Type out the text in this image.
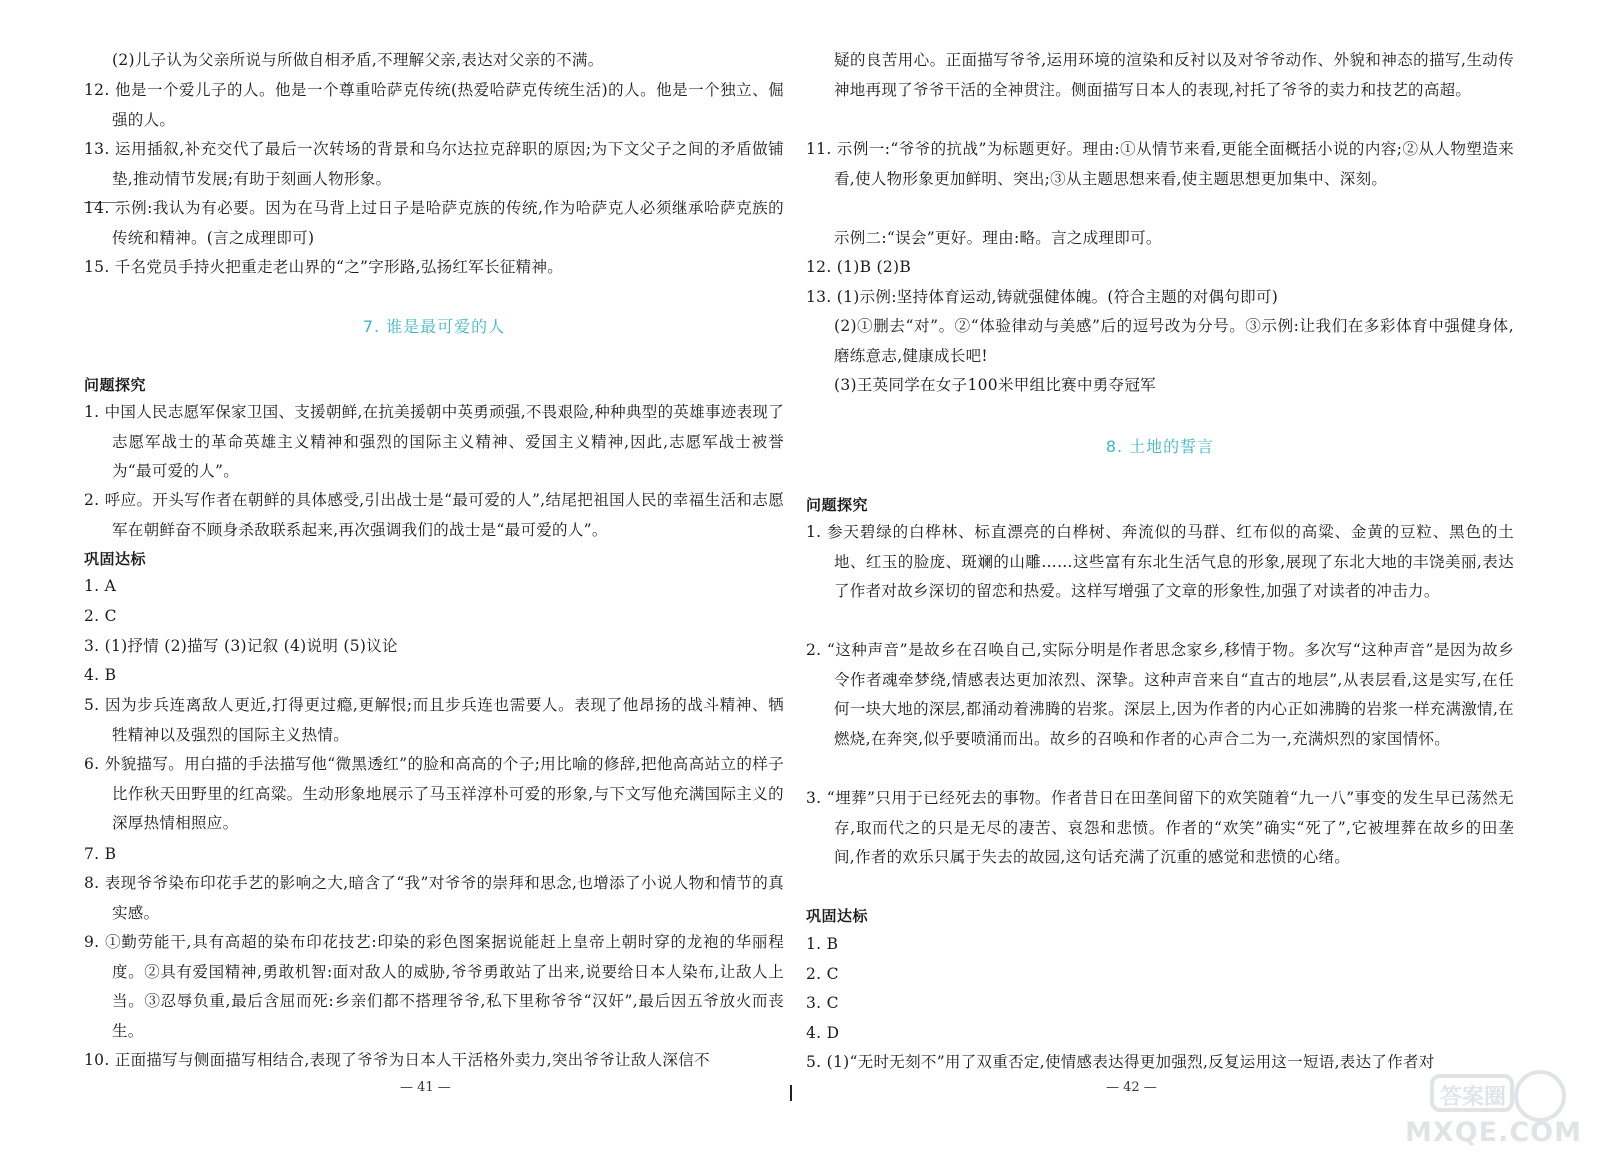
(2)儿子认为父亲所说与所做自相矛盾,不理解父亲,表达对父亲的不满。

12. 他是一个爱儿子的人。他是一个尊重哈萨克传统(热爱哈萨克传统生活)的人。他是一个独立、倔强的人。

13. 运用插叙,补充交代了最后一次转场的背景和乌尔达拉克辞职的原因;为下文父子之间的矛盾做铺垫,推动情节发展;有助于刻画人物形象。

14. 示例:我认为有必要。因为在马背上过日子是哈萨克族的传统,作为哈萨克人必须继承哈萨克族的传统和精神。(言之成理即可)

15. 千名党员手持火把重走老山界的“之”字形路,弘扬红军长征精神。

7. 谁是最可爱的人
问题探究

1. 中国人民志愿军保家卫国、支援朝鲜,在抗美援朝中英勇顽强,不畏艰险,种种典型的英雄事迹表现了志愿军战士的革命英雄主义精神和强烈的国际主义精神、爱国主义精神,因此,志愿军战士被誉为“最可爱的人”。

2. 呼应。开头写作者在朝鲜的具体感受,引出战士是“最可爱的人”,结尾把祖国人民的幸福生活和志愿军在朝鲜奋不顾身杀敌联系起来,再次强调我们的战士是“最可爱的人”。

巩固达标

1. A

2. C

3. (1)抒情 (2)描写 (3)记叙 (4)说明 (5)议论

4. B

5. 因为步兵连离敌人更近,打得更过瘾,更解恨;而且步兵连也需要人。表现了他昂扬的战斗精神、牺牲精神以及强烈的国际主义热情。

6. 外貌描写。用白描的手法描写他“微黑透红”的脸和高高的个子;用比喻的修辞,把他高高站立的样子比作秋天田野里的红高粱。生动形象地展示了马玉祥淳朴可爱的形象,与下文写他充满国际主义的深厚热情相照应。

7. B

8. 表现爷爷染布印花手艺的影响之大,暗含了“我”对爷爷的崇拜和思念,也增添了小说人物和情节的真实感。

9. ①勤劳能干,具有高超的染布印花技艺:印染的彩色图案据说能赶上皇帝上朝时穿的龙袍的华丽程度。②具有爱国精神,勇敢机智:面对敌人的威胁,爷爷勇敢站了出来,说要给日本人染布,让敌人上当。③忍辱负重,最后含屈而死:乡亲们都不搭理爷爷,私下里称爷爷“汉奸”,最后因五爷放火而丧生。

10. 正面描写与侧面描写相结合,表现了爷爷为日本人干活格外卖力,突出爷爷让敌人深信不

— 41 —

疑的良苦用心。正面描写爷爷,运用环境的渲染和反衬以及对爷爷动作、外貌和神态的描写,生动传神地再现了爷爷干活的全神贯注。侧面描写日本人的表现,衬托了爷爷的卖力和技艺的高超。

11. 示例一:“爷爷的抗战”为标题更好。理由:①从情节来看,更能全面概括小说的内容;②从人物塑造来看,使人物形象更加鲜明、突出;③从主题思想来看,使主题思想更加集中、深刻。

示例二:“误会”更好。理由:略。言之成理即可。

12. (1)B (2)B

13. (1)示例:坚持体育运动,铸就强健体魄。(符合主题的对偶句即可)

(2)①删去“对”。②“体验律动与美感”后的逗号改为分号。③示例:让我们在多彩体育中强健身体,磨练意志,健康成长吧!

(3)王英同学在女子100米甲组比赛中勇夺冠军

8. 土地的誓言
问题探究

1. 参天碧绿的白桦林、标直漂亮的白桦树、奔流似的马群、红布似的高粱、金黄的豆粒、黑色的土地、红玉的脸庞、斑斓的山雕……这些富有东北生活气息的形象,展现了东北大地的丰饶美丽,表达了作者对故乡深切的留恋和热爱。这样写增强了文章的形象性,加强了对读者的冲击力。

2. “这种声音”是故乡在召唤自己,实际分明是作者思念家乡,移情于物。多次写“这种声音”是因为故乡令作者魂牵梦绕,情感表达更加浓烈、深挚。这种声音来自“直古的地层”,从表层看,这是实写,在任何一块大地的深层,都涌动着沸腾的岩浆。深层上,因为作者的内心正如沸腾的岩浆一样充满激情,在燃烧,在奔突,似乎要喷涌而出。故乡的召唤和作者的心声合二为一,充满炽烈的家国情怀。

3. “埋葬”只用于已经死去的事物。作者昔日在田垄间留下的欢笑随着“九一八”事变的发生早已荡然无存,取而代之的只是无尽的凄苦、哀怨和悲愤。作者的“欢笑”确实“死了”,它被埋葬在故乡的田垄间,作者的欢乐只属于失去的故园,这句话充满了沉重的感觉和悲愤的心绪。

巩固达标

1. B

2. C

3. C

4. D

5. (1)“无时无刻不”用了双重否定,使情感表达得更加强烈,反复运用这一短语,表达了作者对

— 42 —	答案圈
MXQE.COM
